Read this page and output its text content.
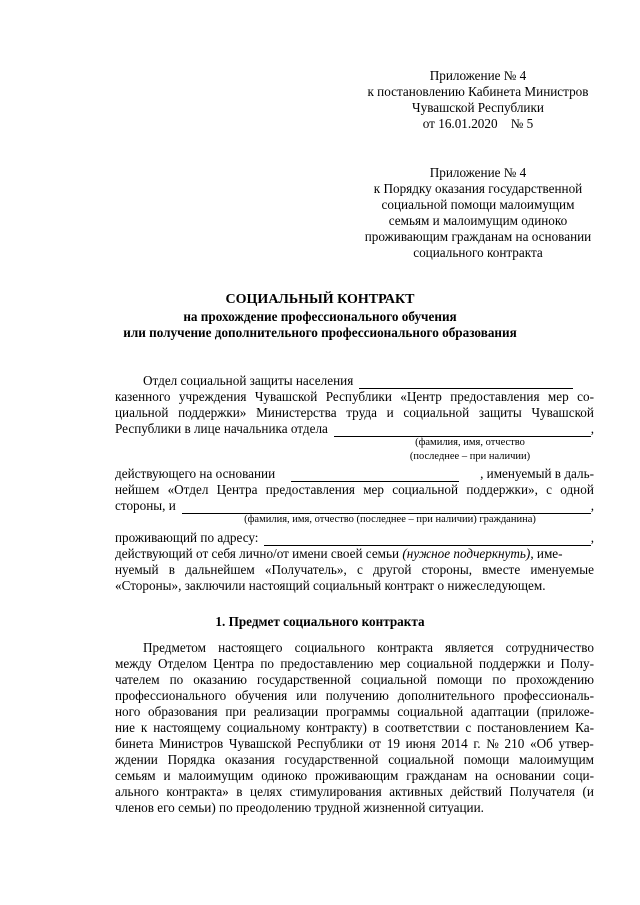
Приложение № 4
к постановлению Кабинета Министров
Чувашской Республики
от 16.01.2020    № 5
Приложение № 4
к Порядку оказания государственной
социальной помощи малоимущим
семьям и малоимущим одиноко
проживающим гражданам на основании
социального контракта
СОЦИАЛЬНЫЙ КОНТРАКТ
на прохождение профессионального обучения
или получение дополнительного профессионального образования
Отдел социальной защиты населения
казенного учреждения Чувашской Республики «Центр предоставления мер со-
циальной поддержки» Министерства труда и социальной защиты Чувашской
Республики в лице начальника отдела	,
(фамилия, имя, отчество
(последнее – при наличии)
действующего на основании	, именуемый в даль-
нейшем «Отдел Центра предоставления мер социальной поддержки», с одной
стороны, и	,
(фамилия, имя, отчество (последнее – при наличии) гражданина)
проживающий по адресу:	,
действующий от себя лично/от имени своей семьи (нужное подчеркнуть), име-
нуемый в дальнейшем «Получатель», с другой стороны, вместе именуемые
«Стороны», заключили настоящий социальный контракт о нижеследующем.
1. Предмет социального контракта
Предметом настоящего социального контракта является сотрудничество
между Отделом Центра по предоставлению мер социальной поддержки и Полу-
чателем по оказанию государственной социальной помощи по прохождению
профессионального обучения или получению дополнительного профессиональ-
ного образования при реализации программы социальной адаптации (приложе-
ние к настоящему социальному контракту) в соответствии с постановлением Ка-
бинета Министров Чувашской Республики от 19 июня 2014 г. № 210 «Об утвер-
ждении Порядка оказания государственной социальной помощи малоимущим
семьям и малоимущим одиноко проживающим гражданам на основании соци-
ального контракта» в целях стимулирования активных действий Получателя (и
членов его семьи) по преодолению трудной жизненной ситуации.
